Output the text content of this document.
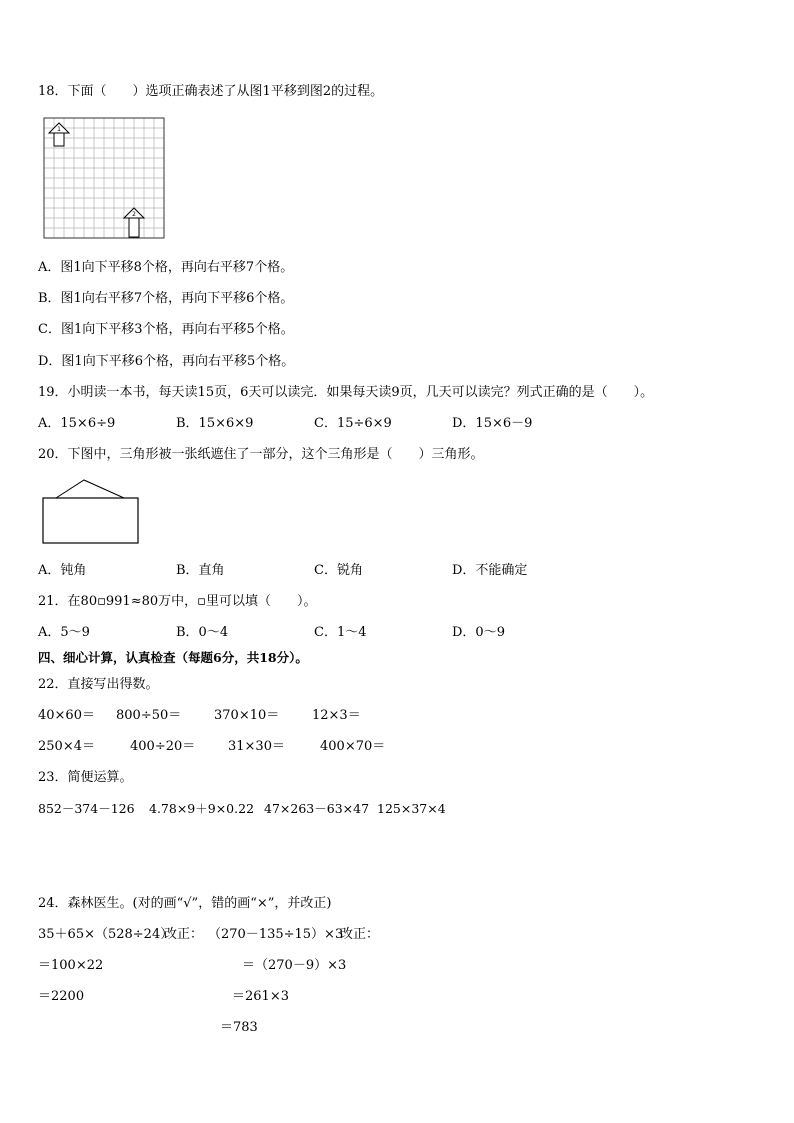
18．下面（　　）选项正确表述了从图1平移到图2的过程。
1
2
A．图1向下平移8个格，再向右平移7个格。
B．图1向右平移7个格，再向下平移6个格。
C．图1向下平移3个格，再向右平移5个格。
D．图1向下平移6个格，再向右平移5个格。
19．小明读一本书，每天读15页，6天可以读完．如果每天读9页，几天可以读完？列式正确的是（　　）。
A．15×6÷9	B．15×6×9	C．15÷6×9	D．15×6－9
20．下图中，三角形被一张纸遮住了一部分，这个三角形是（　　）三角形。
A．钝角	B．直角	C．锐角	D．不能确定
21．在80▫991≈80万中，▫里可以填（　　）。
A．5～9	B．0～4	C．1～4	D．0～9
四、细心计算，认真检查（每题6分，共18分）。
22．直接写出得数。
40×60＝ 800÷50＝	370×10＝	12×3＝
250×4＝	400÷20＝	31×30＝	400×70＝
23．简便运算。
852－374－126 4.78×9＋9×0.22 47×263－63×47 125×37×4
24．森林医生。(对的画“√”，错的画“×”，并改正)
35＋65×（528÷24）
改正： （270－135÷15）×3
改正：
＝100×22	＝（270－9）×3
＝2200	＝261×3
＝783
